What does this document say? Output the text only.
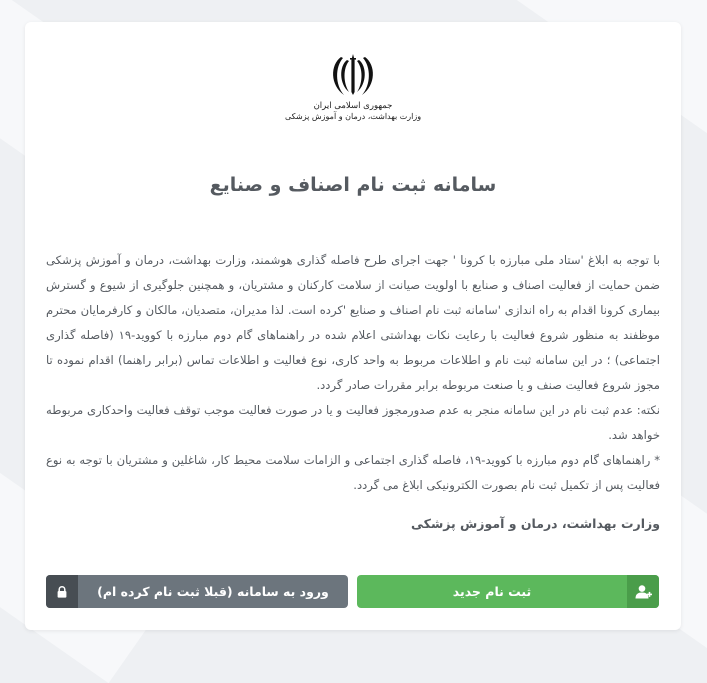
جمهوری اسلامی ایران
وزارت بهداشت، درمان و آموزش پزشکی
سامانه ثبت نام اصناف و صنایع

با توجه به ابلاغ 'ستاد ملی مبارزه با کرونا ' جهت اجرای طرح فاصله گذاری هوشمند، وزارت بهداشت، درمان و آموزش پزشکی ضمن حمایت از فعالیت اصناف و صنایع با اولویت صیانت از سلامت کارکنان و مشتریان، و همچنین جلوگیری از شیوع و گسترش بیماری کرونا اقدام به راه اندازی 'سامانه ثبت نام اصناف و صنایع 'کرده است. لذا مدیران، متصدیان، مالکان و کارفرمایان محترم موظفند به منظور شروع فعالیت با رعایت نکات بهداشتی اعلام شده در راهنماهای گام دوم مبارزه با کووید-۱۹ (فاصله گذاری اجتماعی) ؛ در این سامانه ثبت نام و اطلاعات مربوط به واحد کاری، نوع فعالیت و اطلاعات تماس (برابر راهنما) اقدام نموده تا مجوز شروع فعالیت صنف و یا صنعت مربوطه برابر مقررات صادر گردد.

نکته: عدم ثبت نام در این سامانه منجر به عدم صدورمجوز فعالیت و یا در صورت فعالیت موجب توقف فعالیت واحدکاری مربوطه خواهد شد.

* راهنماهای گام دوم مبارزه با کووید-۱۹، فاصله گذاری اجتماعی و الزامات سلامت محیط کار، شاغلین و مشتریان با توجه به نوع فعالیت پس از تکمیل ثبت نام بصورت الکترونیکی ابلاغ می گردد.

وزارت بهداشت، درمان و آموزش پزشکی
ثبت نام جدید
ورود به سامانه (قبلا ثبت نام کرده ام)
